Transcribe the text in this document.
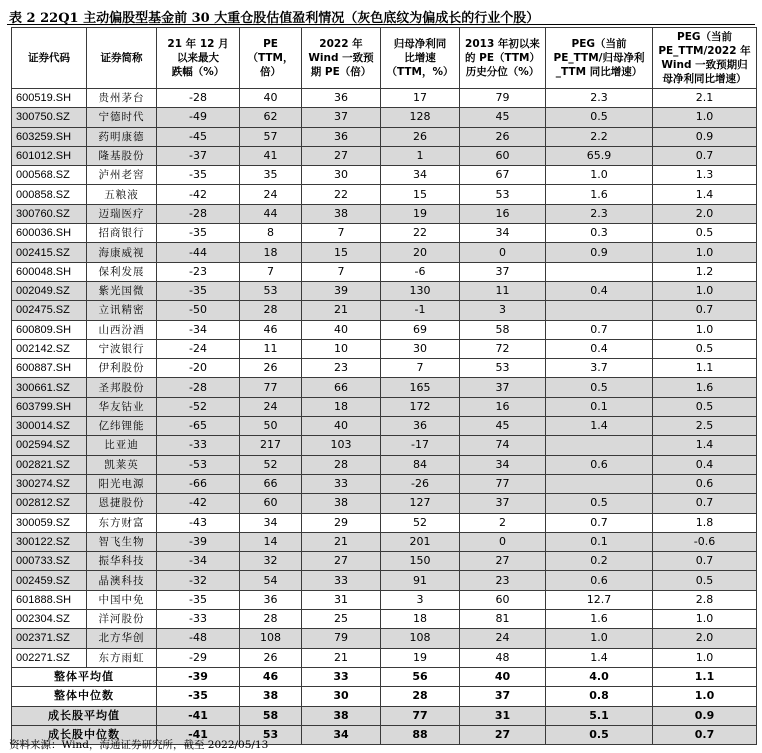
表 2 22Q1 主动偏股型基金前 30 大重仓股估值盈利情况（灰色底纹为偏成长的行业个股）
证券代码	证券简称	21 年 12 月
以来最大
跌幅（%）	PE
（TTM，
倍）	2022 年
Wind 一致预
期 PE（倍）	归母净利同
比增速
（TTM，%）	2013 年初以来
的 PE（TTM）
历史分位（%）	PEG（当前
PE_TTM/归母净利
_TTM 同比增速）	PEG（当前
PE_TTM/2022 年
Wind 一致预期归
母净利同比增速）

600519.SH	贵州茅台	-28	40	36	17	79	2.3	2.1
300750.SZ	宁德时代	-49	62	37	128	45	0.5	1.0
603259.SH	药明康德	-45	57	36	26	26	2.2	0.9
601012.SH	隆基股份	-37	41	27	1	60	65.9	0.7
000568.SZ	泸州老窖	-35	35	30	34	67	1.0	1.3
000858.SZ	五粮液	-42	24	22	15	53	1.6	1.4
300760.SZ	迈瑞医疗	-28	44	38	19	16	2.3	2.0
600036.SH	招商银行	-35	8	7	22	34	0.3	0.5
002415.SZ	海康威视	-44	18	15	20	0	0.9	1.0
600048.SH	保利发展	-23	7	7	-6	37		1.2
002049.SZ	紫光国微	-35	53	39	130	11	0.4	1.0
002475.SZ	立讯精密	-50	28	21	-1	3		0.7
600809.SH	山西汾酒	-34	46	40	69	58	0.7	1.0
002142.SZ	宁波银行	-24	11	10	30	72	0.4	0.5
600887.SH	伊利股份	-20	26	23	7	53	3.7	1.1
300661.SZ	圣邦股份	-28	77	66	165	37	0.5	1.6
603799.SH	华友钴业	-52	24	18	172	16	0.1	0.5
300014.SZ	亿纬锂能	-65	50	40	36	45	1.4	2.5
002594.SZ	比亚迪	-33	217	103	-17	74		1.4
002821.SZ	凯莱英	-53	52	28	84	34	0.6	0.4
300274.SZ	阳光电源	-66	66	33	-26	77		0.6
002812.SZ	恩捷股份	-42	60	38	127	37	0.5	0.7
300059.SZ	东方财富	-43	34	29	52	2	0.7	1.8
300122.SZ	智飞生物	-39	14	21	201	0	0.1	-0.6
000733.SZ	振华科技	-34	32	27	150	27	0.2	0.7
002459.SZ	晶澳科技	-32	54	33	91	23	0.6	0.5
601888.SH	中国中免	-35	36	31	3	60	12.7	2.8
002304.SZ	洋河股份	-33	28	25	18	81	1.6	1.0
002371.SZ	北方华创	-48	108	79	108	24	1.0	2.0
002271.SZ	东方雨虹	-29	26	21	19	48	1.4	1.0
整体平均值		-39	46	33	56	40	4.0	1.1
整体中位数		-35	38	30	28	37	0.8	1.0
成长股平均值		-41	58	38	77	31	5.1	0.9
成长股中位数		-41	53	34	88	27	0.5	0.7
资料来源：Wind，海通证券研究所，截至 2022/05/13
